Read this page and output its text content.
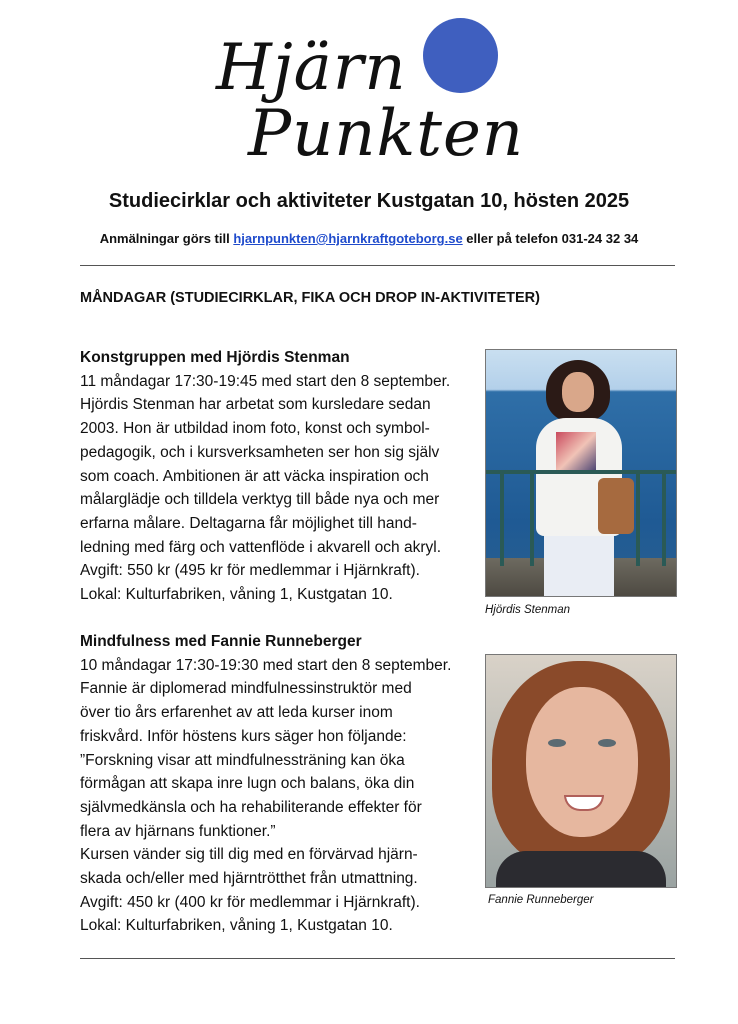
Hjärn
Punkten
Studiecirklar och aktiviteter Kustgatan 10, hösten 2025
Anmälningar görs till hjarnpunkten@hjarnkraftgoteborg.se eller på telefon 031-24 32 34
MÅNDAGAR (STUDIECIRKLAR, FIKA OCH DROP IN-AKTIVITETER)
Konstgruppen med Hjördis Stenman

11 måndagar 17:30-19:45 med start den 8 september.

Hjördis Stenman har arbetat som kursledare sedan

2003. Hon är utbildad inom foto, konst och symbol-

pedagogik, och i kursverksamheten ser hon sig själv

som coach. Ambitionen är att väcka inspiration och

målarglädje och tilldela verktyg till både nya och mer

erfarna målare. Deltagarna får möjlighet till hand-

ledning med färg och vattenflöde i akvarell och akryl.

Avgift: 550 kr (495 kr för medlemmar i Hjärnkraft).

Lokal: Kulturfabriken, våning 1, Kustgatan 10.

Hjördis Stenman
Mindfulness med Fannie Runneberger

10 måndagar 17:30-19:30 med start den 8 september.

Fannie är diplomerad mindfulnessinstruktör med

över tio års erfarenhet av att leda kurser inom

friskvård. Inför höstens kurs säger hon följande:

”Forskning visar att mindfulnessträning kan öka

förmågan att skapa inre lugn och balans, öka din

självmedkänsla och ha rehabiliterande effekter för

flera av hjärnans funktioner.”

Kursen vänder sig till dig med en förvärvad hjärn-

skada och/eller med hjärntrötthet från utmattning.

Avgift: 450 kr (400 kr för medlemmar i Hjärnkraft).

Lokal: Kulturfabriken, våning 1, Kustgatan 10.

Fannie Runneberger
